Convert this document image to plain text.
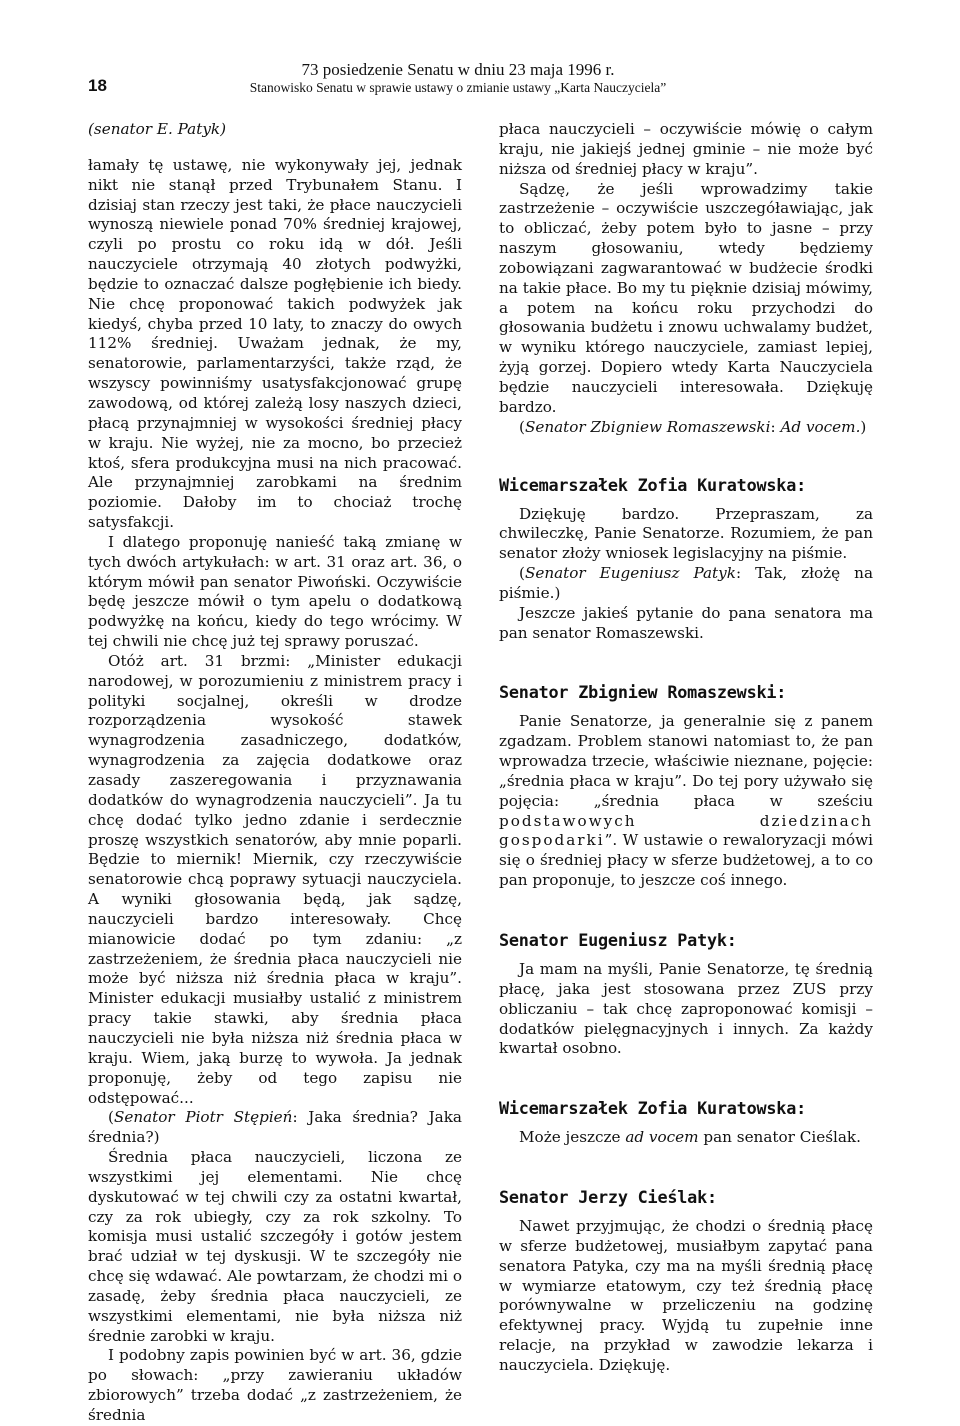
18
73 posiedzenie Senatu w dniu 23 maja 1996 r.
Stanowisko Senatu w sprawie ustawy o zmianie ustawy „Karta Nauczyciela”

(senator E. Patyk)

łamały tę ustawę, nie wykonywały jej, jednak nikt nie stanął przed Trybunałem Stanu. I dzisiaj stan rzeczy jest taki, że płace nauczycieli wynoszą niewiele ponad 70% średniej krajowej, czyli po prostu co roku idą w dół. Jeśli nauczyciele otrzymają 40 złotych podwyżki, będzie to oznaczać dalsze pogłębienie ich biedy. Nie chcę proponować takich podwyżek jak kiedyś, chyba przed 10 laty, to znaczy do owych 112% średniej. Uważam jednak, że my, senatorowie, parlamentarzyści, także rząd, że wszyscy powinniśmy usatysfakcjonować grupę zawodową, od której zależą losy naszych dzieci, płacą przynajmniej w wysokości średniej płacy w kraju. Nie wyżej, nie za mocno, bo przecież ktoś, sfera produkcyjna musi na nich pracować. Ale przynajmniej zarobkami na średnim poziomie. Dałoby im to chociaż trochę satysfakcji.

I dlatego proponuję nanieść taką zmianę w tych dwóch artykułach: w art. 31 oraz art. 36, o którym mówił pan senator Piwoński. Oczywiście będę jeszcze mówił o tym apelu o dodatkową podwyżkę na końcu, kiedy do tego wrócimy. W tej chwili nie chcę już tej sprawy poruszać.

Otóż art. 31 brzmi: „Minister edukacji narodowej, w porozumieniu z ministrem pracy i polityki socjalnej, określi w drodze rozporządzenia wysokość stawek wynagrodzenia zasadniczego, dodatków, wynagrodzenia za zajęcia dodatkowe oraz zasady zaszeregowania i przyznawania dodatków do wynagrodzenia nauczycieli”. Ja tu chcę dodać tylko jedno zdanie i serdecznie proszę wszystkich senatorów, aby mnie poparli. Będzie to miernik! Miernik, czy rzeczywiście senatorowie chcą poprawy sytuacji nauczyciela. A wyniki głosowania będą, jak sądzę, nauczycieli bardzo interesowały. Chcę mianowicie dodać po tym zdaniu: „z zastrzeżeniem, że średnia płaca nauczycieli nie może być niższa niż średnia płaca w kraju”. Minister edukacji musiałby ustalić z ministrem pracy takie stawki, aby średnia płaca nauczycieli nie była niższa niż średnia płaca w kraju. Wiem, jaką burzę to wywoła. Ja jednak proponuję, żeby od tego zapisu nie odstępować...

(Senator Piotr Stępień: Jaka średnia? Jaka średnia?)

Średnia płaca nauczycieli, liczona ze wszystkimi jej elementami. Nie chcę dyskutować w tej chwili czy za ostatni kwartał, czy za rok ubiegły, czy za rok szkolny. To komisja musi ustalić szczegóły i gotów jestem brać udział w tej dyskusji. W te szczegóły nie chcę się wdawać. Ale powtarzam, że chodzi mi o zasadę, żeby średnia płaca nauczycieli, ze wszystkimi elementami, nie była niższa niż średnie zarobki w kraju.

I podobny zapis powinien być w art. 36, gdzie po słowach: „przy zawieraniu układów zbiorowych” trzeba dodać „z zastrzeżeniem, że średnia

płaca nauczycieli – oczywiście mówię o całym kraju, nie jakiejś jednej gminie – nie może być niższa od średniej płacy w kraju”.

Sądzę, że jeśli wprowadzimy takie zastrzeżenie – oczywiście uszczegóławiając, jak to obliczać, żeby potem było to jasne – przy naszym głosowaniu, wtedy będziemy zobowiązani zagwarantować w budżecie środki na takie płace. Bo my tu pięknie dzisiaj mówimy, a potem na końcu roku przychodzi do głosowania budżetu i znowu uchwalamy budżet, w wyniku którego nauczyciele, zamiast lepiej, żyją gorzej. Dopiero wtedy Karta Nauczyciela będzie nauczycieli interesowała. Dziękuję bardzo.

(Senator Zbigniew Romaszewski: Ad vocem.)

Wicemarszałek Zofia Kuratowska:

Dziękuję bardzo. Przepraszam, za chwileczkę, Panie Senatorze. Rozumiem, że pan senator złoży wniosek legislacyjny na piśmie.

(Senator Eugeniusz Patyk: Tak, złożę na piśmie.)

Jeszcze jakieś pytanie do pana senatora ma pan senator Romaszewski.

Senator Zbigniew Romaszewski:

Panie Senatorze, ja generalnie się z panem zgadzam. Problem stanowi natomiast to, że pan wprowadza trzecie, właściwie nieznane, pojęcie: „średnia płaca w kraju”. Do tej pory używało się pojęcia: „średnia płaca w sześciu podstawowych dziedzinach gospodarki”. W ustawie o rewaloryzacji mówi się o średniej płacy w sferze budżetowej, a to co pan proponuje, to jeszcze coś innego.

Senator Eugeniusz Patyk:

Ja mam na myśli, Panie Senatorze, tę średnią płacę, jaka jest stosowana przez ZUS przy obliczaniu – tak chcę zaproponować komisji – dodatków pielęgnacyjnych i innych. Za każdy kwartał osobno.

Wicemarszałek Zofia Kuratowska:

Może jeszcze ad vocem pan senator Cieślak.

Senator Jerzy Cieślak:

Nawet przyjmując, że chodzi o średnią płacę w sferze budżetowej, musiałbym zapytać pana senatora Patyka, czy ma na myśli średnią płacę w wymiarze etatowym, czy też średnią płacę porównywalne w przeliczeniu na godzinę efektywnej pracy. Wyjdą tu zupełnie inne relacje, na przykład w zawodzie lekarza i nauczyciela. Dziękuję.
